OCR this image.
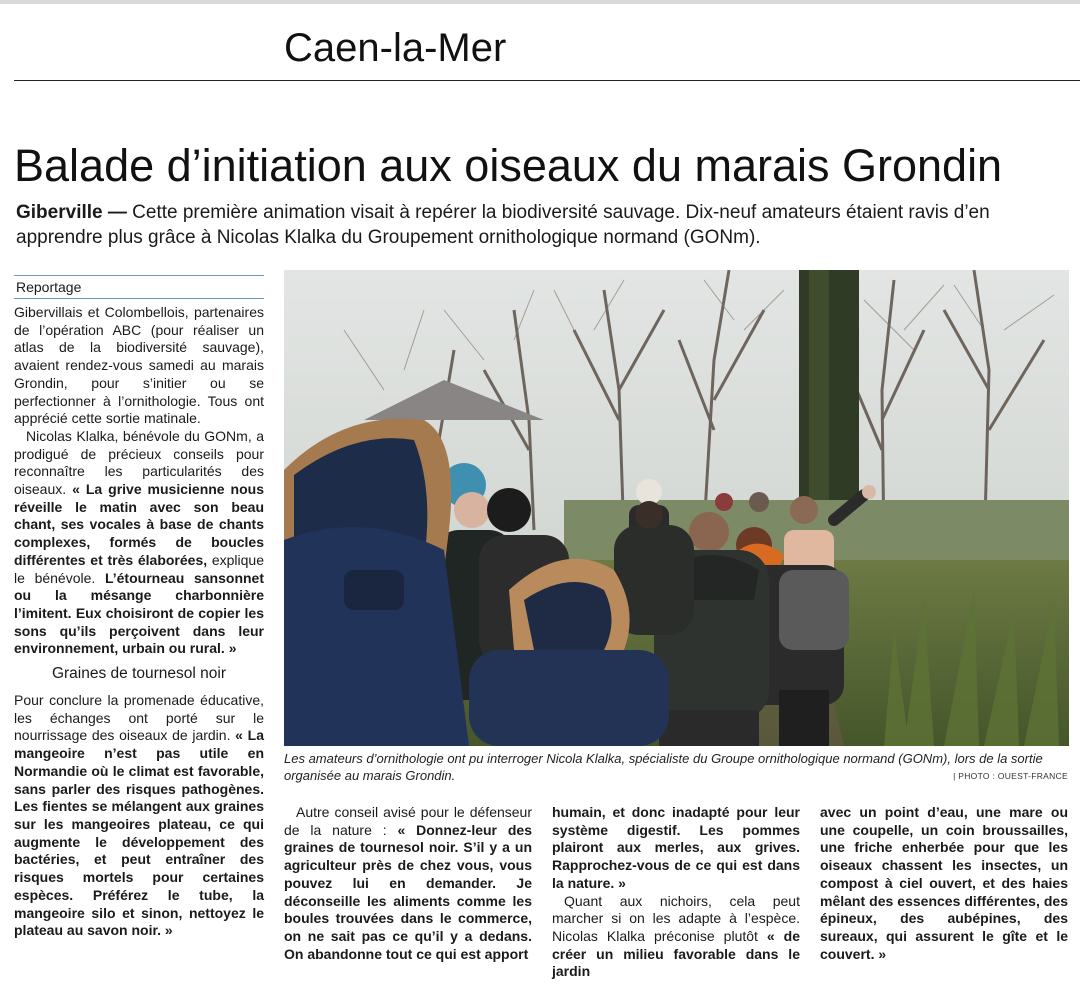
Caen-la-Mer
Balade d’initiation aux oiseaux du marais Grondin
Giberville — Cette première animation visait à repérer la biodiversité sauvage. Dix-neuf amateurs étaient ravis d’en apprendre plus grâce à Nicolas Klalka du Groupement ornithologique normand (GONm).
Reportage

Gibervillais et Colombellois, partenaires de l’opération ABC (pour réaliser un atlas de la biodiversité sauvage), avaient rendez-vous samedi au marais Grondin, pour s’initier ou se perfectionner à l’ornithologie. Tous ont apprécié cette sortie matinale.

Nicolas Klalka, bénévole du GONm, a prodigué de précieux conseils pour reconnaître les particularités des oiseaux. « La grive musicienne nous réveille le matin avec son beau chant, ses vocales à base de chants complexes, formés de boucles différentes et très élaborées, explique le bénévole. L’étourneau sansonnet ou la mésange charbonnière l’imitent. Eux choisiront de copier les sons qu’ils perçoivent dans leur environnement, urbain ou rural. »

Graines de tournesol noir

Pour conclure la promenade éducative, les échanges ont porté sur le nourrissage des oiseaux de jardin. « La mangeoire n’est pas utile en Normandie où le climat est favorable, sans parler des risques pathogènes. Les fientes se mélangent aux graines sur les mangeoires plateau, ce qui augmente le développement des bactéries, et peut entraîner des risques mortels pour certaines espèces. Préférez le tube, la mangeoire silo et sinon, nettoyez le plateau au savon noir. »

Les amateurs d’ornithologie ont pu interroger Nicola Klalka, spécialiste du Groupe ornithologique normand (GONm), lors de la sortie organisée au marais Grondin.	| PHOTO : OUEST-FRANCE

Autre conseil avisé pour le défenseur de la nature : « Donnez-leur des graines de tournesol noir. S’il y a un agriculteur près de chez vous, vous pouvez lui en demander. Je déconseille les aliments comme les boules trouvées dans le commerce, on ne sait pas ce qu’il y a dedans. On abandonne tout ce qui est apport

humain, et donc inadapté pour leur système digestif. Les pommes plairont aux merles, aux grives. Rapprochez-vous de ce qui est dans la nature. »

Quant aux nichoirs, cela peut marcher si on les adapte à l’espèce. Nicolas Klalka préconise plutôt « de créer un milieu favorable dans le jardin

avec un point d’eau, une mare ou une coupelle, un coin broussailles, une friche enherbée pour que les oiseaux chassent les insectes, un compost à ciel ouvert, et des haies mêlant des essences différentes, des épineux, des aubépines, des sureaux, qui assurent le gîte et le couvert. »
